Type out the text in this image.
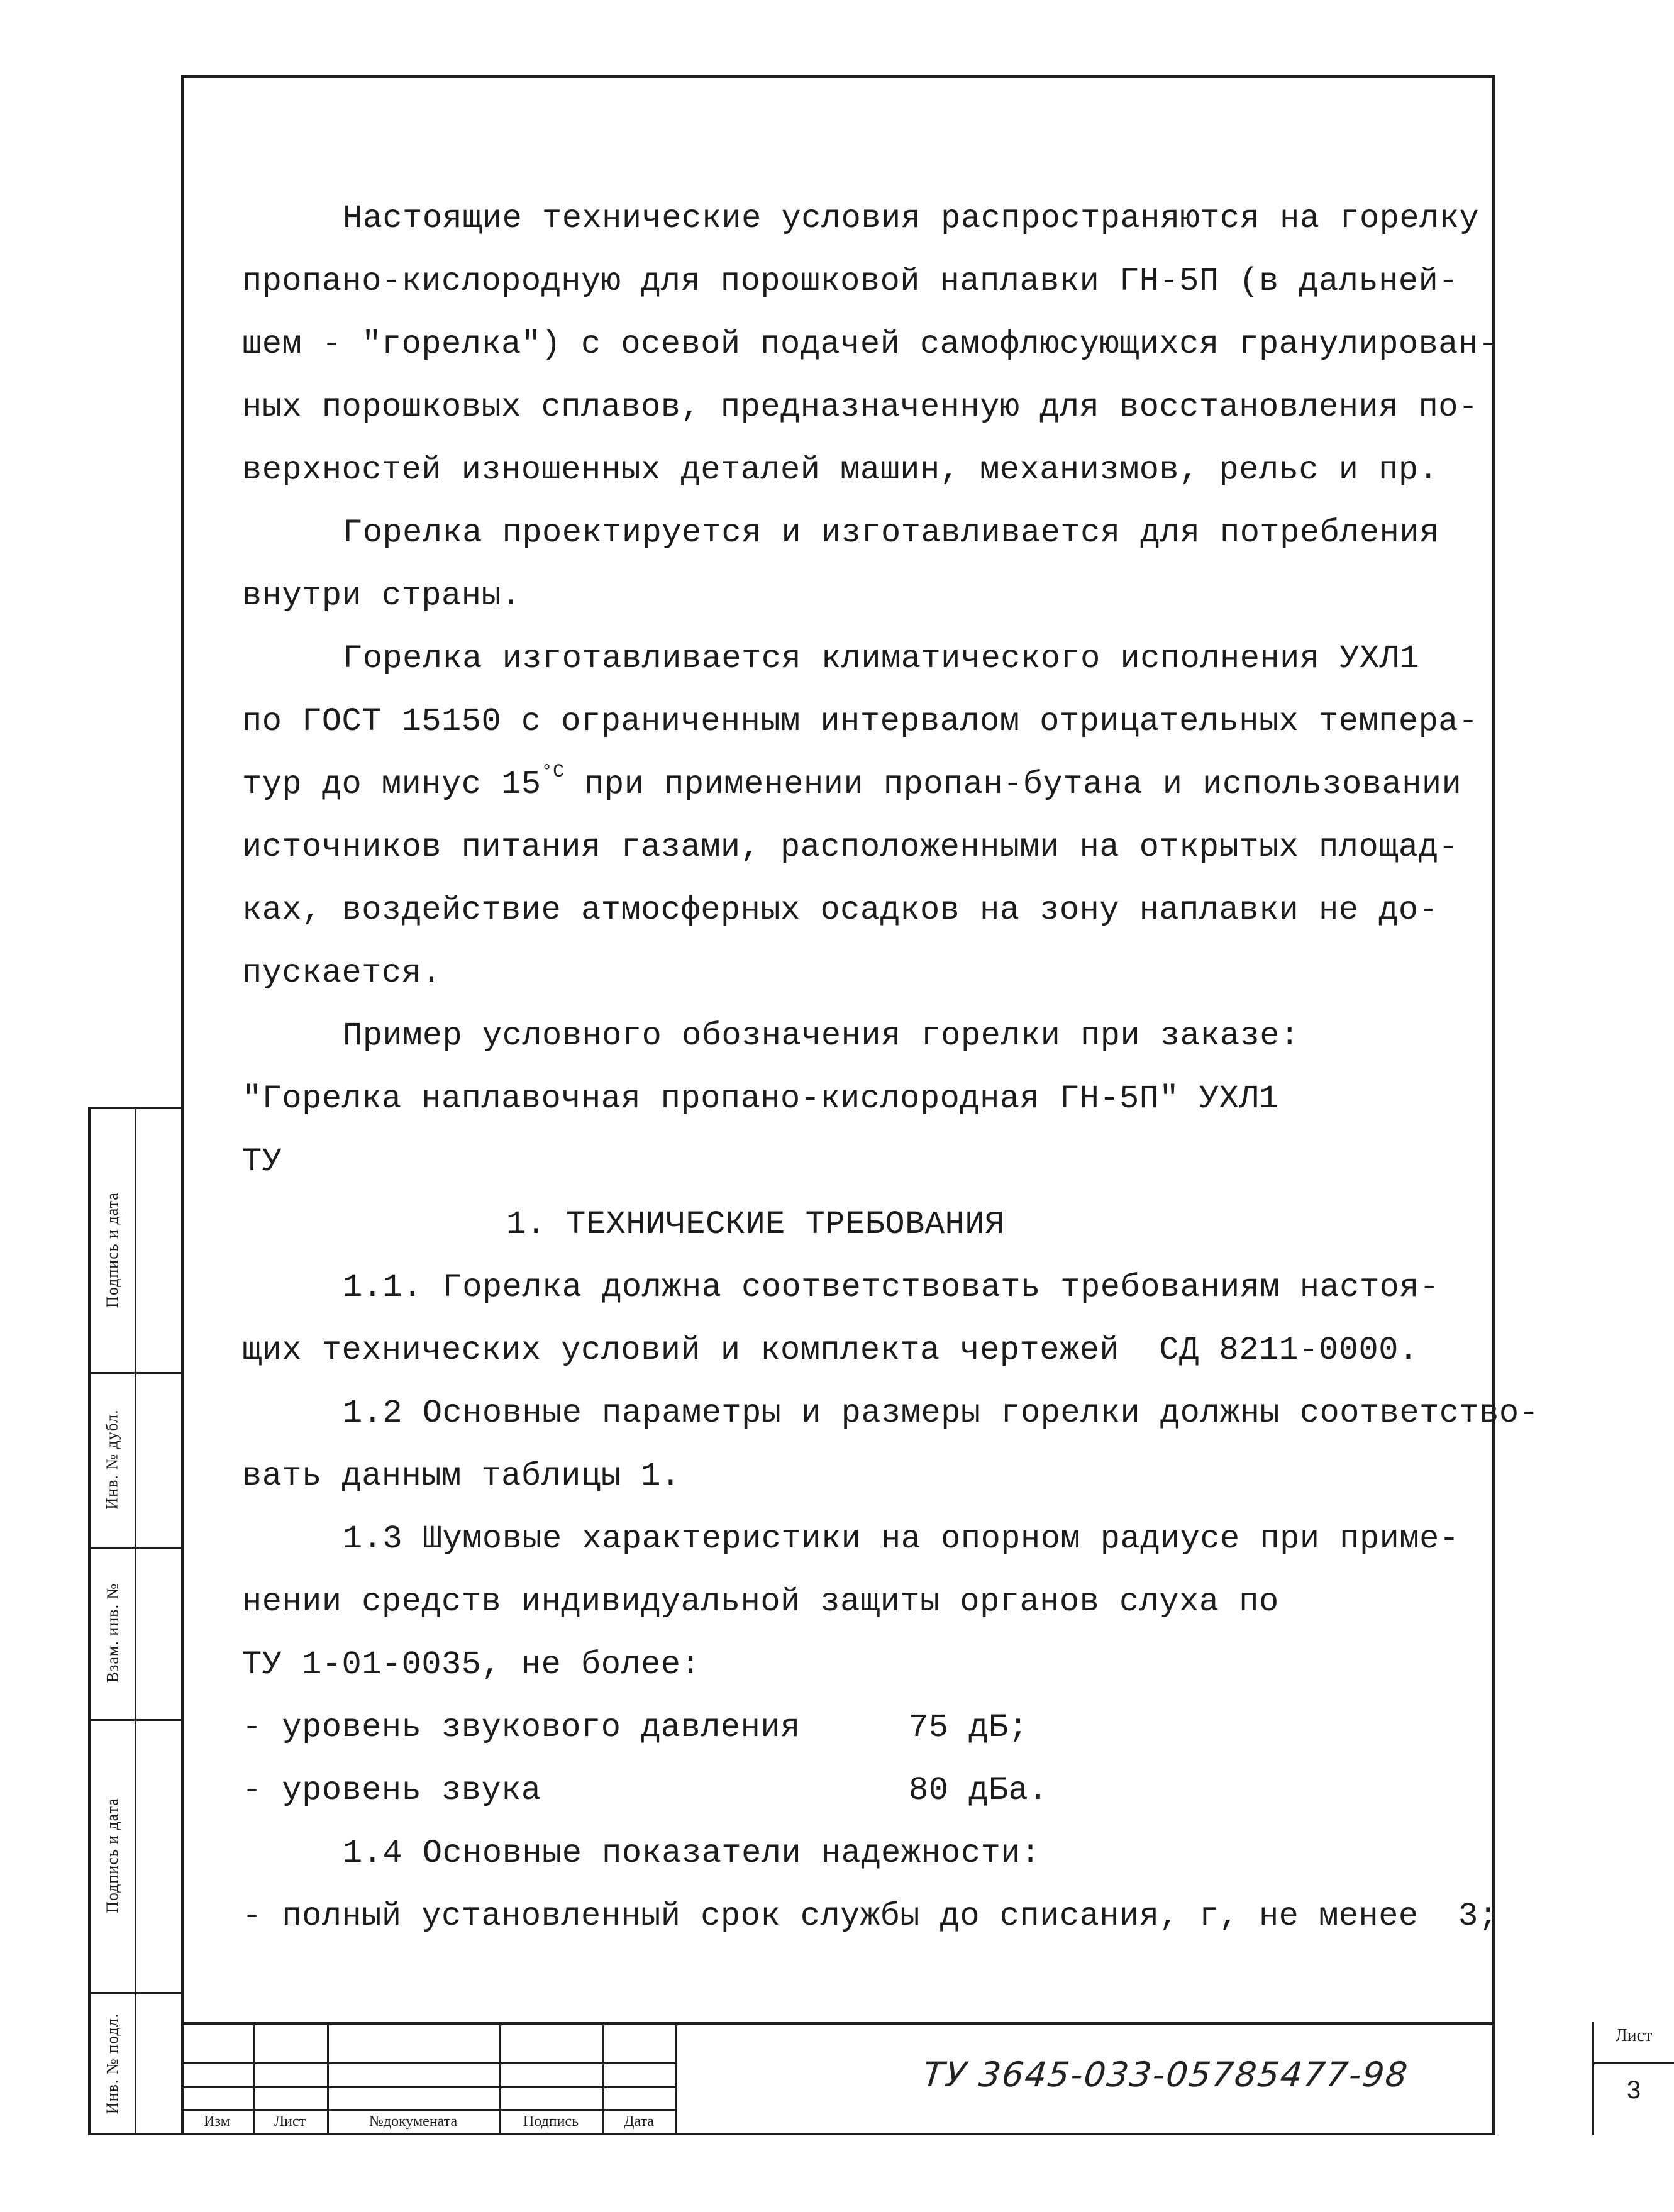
Подпись и дата
Инв. № дубл.
Взам. инв. №
Подпись и дата
Инв. № подл.
Настоящие технические условия распространяются на горелку
пропано-кислородную для порошковой наплавки ГН-5П (в дальней-
шем - "горелка") с осевой подачей самофлюсующихся гранулирован-
ных порошковых сплавов, предназначенную для восстановления по-
верхностей изношенных деталей машин, механизмов, рельс и пр.
Горелка проектируется и изготавливается для потребления
внутри страны.
Горелка изготавливается климатического исполнения УХЛ1
по ГОСТ 15150 с ограниченным интервалом отрицательных темпера-
тур до минус $15^{^\circ С}$ при применении пропан-бутана и использовании
источников питания газами, расположенными на открытых площад-
ках, воздействие атмосферных осадков на зону наплавки не до-
пускается.
Пример условного обозначения горелки при заказе:
"Горелка наплавочная пропано-кислородная ГН-5П" УХЛ1
ТУ
1. ТЕХНИЧЕСКИЕ ТРЕБОВАНИЯ
1.1. Горелка должна соответствовать требованиям настоя-
щих технических условий и комплекта чертежей  СД 8211-0000.
1.2 Основные параметры и размеры горелки должны соответство-
вать данным таблицы 1.
1.3 Шумовые характеристики на опорном радиусе при приме-
нении средств индивидуальной защиты органов слуха по
ТУ 1-01-0035, не более:
- уровень звукового давления	75 дБ;
- уровень звука	80 дБа.
1.4 Основные показатели надежности:
- полный установленный срок службы до списания, г, не менее  3;
Изм	Лист	№докумената	Подпись	Дата
ТУ 3645-033-05785477-98
Лист
3
